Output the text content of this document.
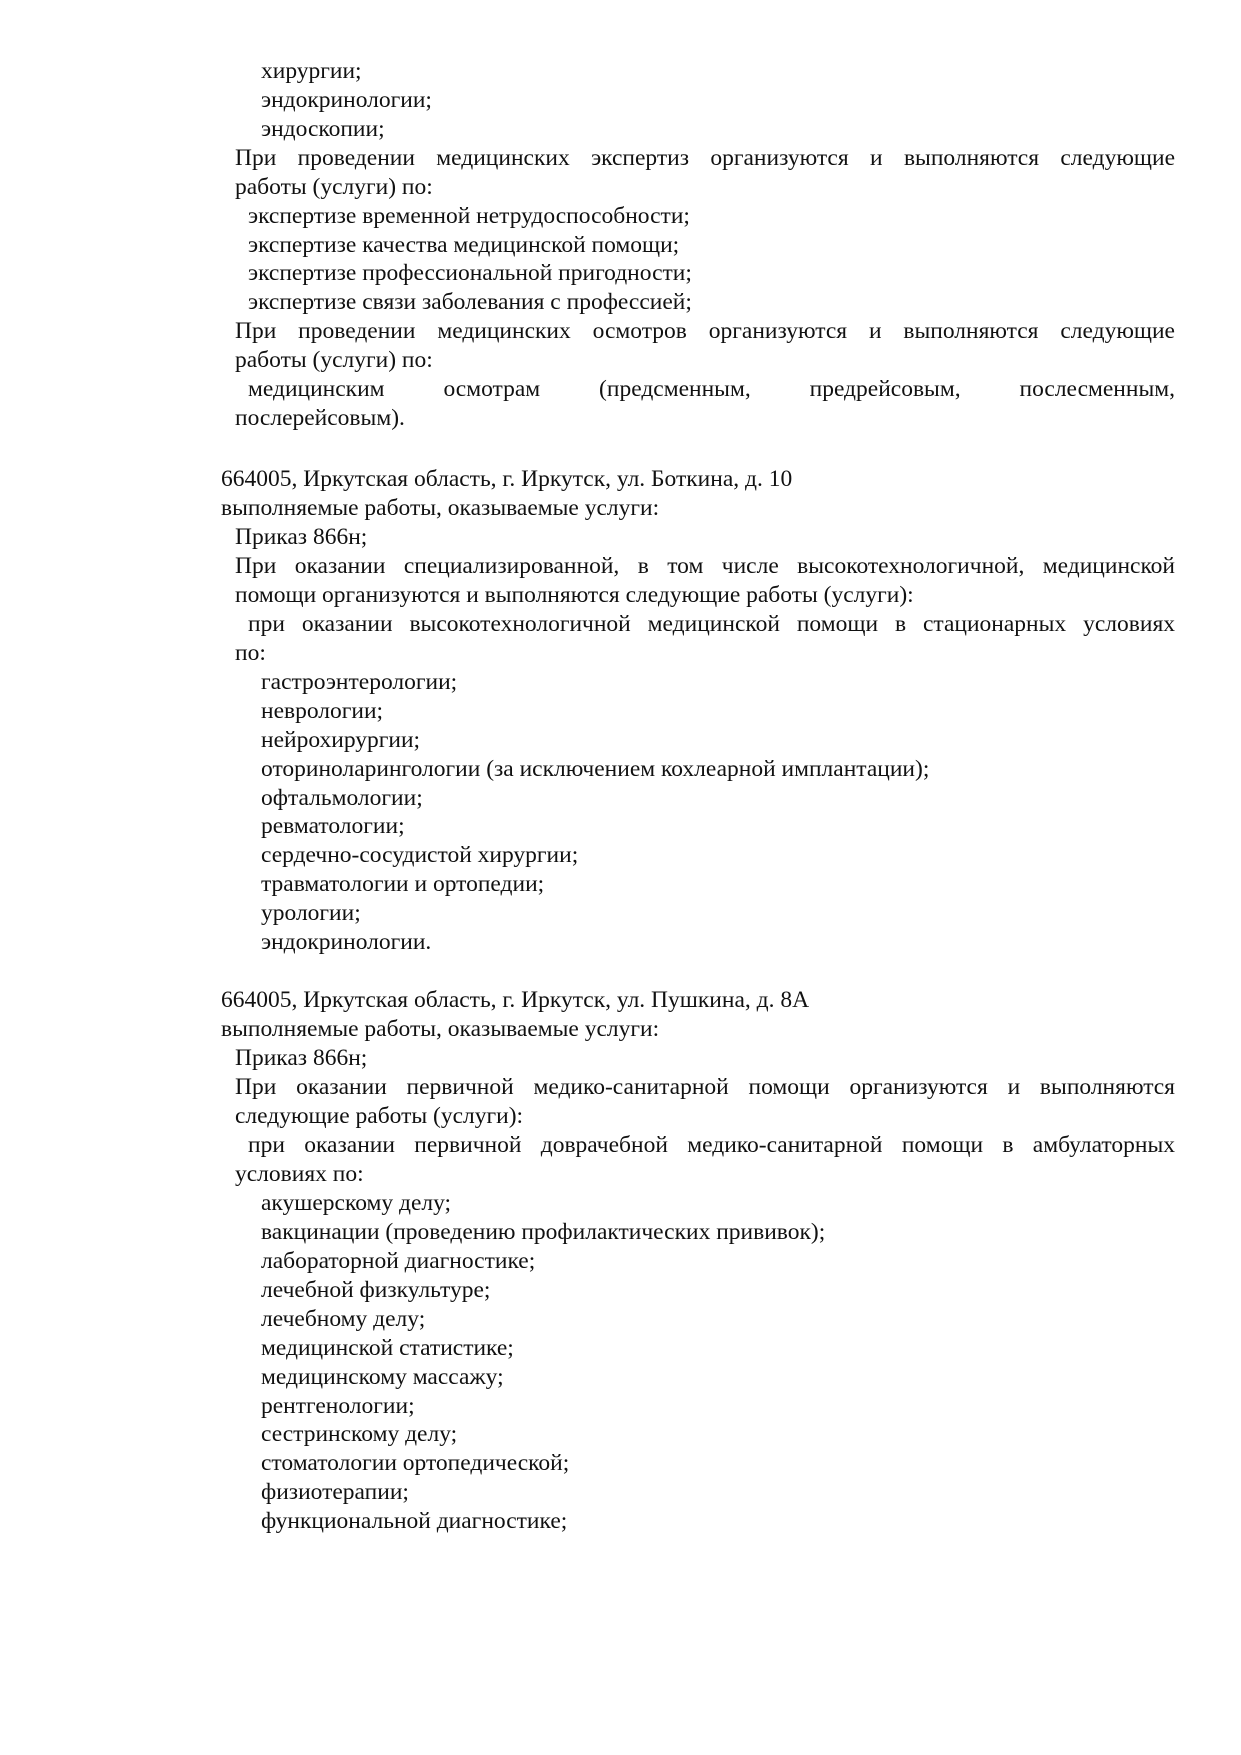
хирургии;
эндокринологии;
эндоскопии;
При проведении медицинских экспертиз организуются и выполняются следующие
работы (услуги) по:
экспертизе временной нетрудоспособности;
экспертизе качества медицинской помощи;
экспертизе профессиональной пригодности;
экспертизе связи заболевания с профессией;
При проведении медицинских осмотров организуются и выполняются следующие
работы (услуги) по:
медицинским осмотрам (предсменным, предрейсовым, послесменным,
послерейсовым).
664005, Иркутская область, г. Иркутск, ул. Боткина, д. 10
выполняемые работы, оказываемые услуги:
Приказ 866н;
При оказании специализированной, в том числе высокотехнологичной, медицинской
помощи организуются и выполняются следующие работы (услуги):
при оказании высокотехнологичной медицинской помощи в стационарных условиях
по:
гастроэнтерологии;
неврологии;
нейрохирургии;
оториноларингологии (за исключением кохлеарной имплантации);
офтальмологии;
ревматологии;
сердечно-сосудистой хирургии;
травматологии и ортопедии;
урологии;
эндокринологии.
664005, Иркутская область, г. Иркутск, ул. Пушкина, д. 8А
выполняемые работы, оказываемые услуги:
Приказ 866н;
При оказании первичной медико-санитарной помощи организуются и выполняются
следующие работы (услуги):
при оказании первичной доврачебной медико-санитарной помощи в амбулаторных
условиях по:
акушерскому делу;
вакцинации (проведению профилактических прививок);
лабораторной диагностике;
лечебной физкультуре;
лечебному делу;
медицинской статистике;
медицинскому массажу;
рентгенологии;
сестринскому делу;
стоматологии ортопедической;
физиотерапии;
функциональной диагностике;
